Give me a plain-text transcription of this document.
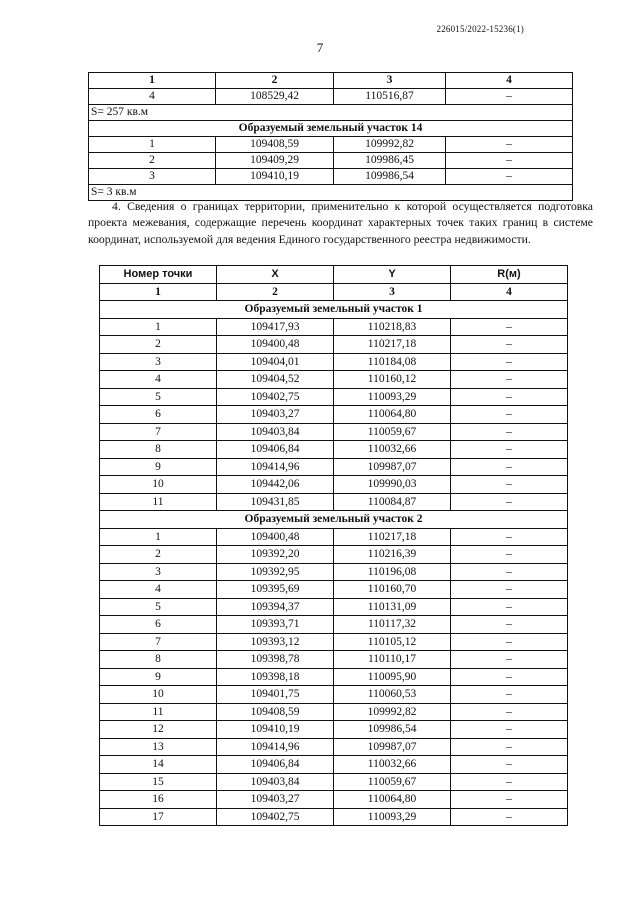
226015/2022-15236(1)
7
1	2	3	4
4	108529,42	110516,87	–
S= 257 кв.м			
Образуемый земельный участок 14			
1	109408,59	109992,82	–
2	109409,29	109986,45	–
3	109410,19	109986,54	–
S= 3 кв.м			

4. Сведения о границах территории, применительно к которой осуществляется подготовка проекта межевания, содержащие перечень координат характерных точек таких границ в системе координат, используемой для ведения Единого государственного реестра недвижимости.

Номер точки	X	Y	R(м)
1	2	3	4
Образуемый земельный участок 1			
1	109417,93	110218,83	–
2	109400,48	110217,18	–
3	109404,01	110184,08	–
4	109404,52	110160,12	–
5	109402,75	110093,29	–
6	109403,27	110064,80	–
7	109403,84	110059,67	–
8	109406,84	110032,66	–
9	109414,96	109987,07	–
10	109442,06	109990,03	–
11	109431,85	110084,87	–
Образуемый земельный участок 2			
1	109400,48	110217,18	–
2	109392,20	110216,39	–
3	109392,95	110196,08	–
4	109395,69	110160,70	–
5	109394,37	110131,09	–
6	109393,71	110117,32	–
7	109393,12	110105,12	–
8	109398,78	110110,17	–
9	109398,18	110095,90	–
10	109401,75	110060,53	–
11	109408,59	109992,82	–
12	109410,19	109986,54	–
13	109414,96	109987,07	–
14	109406,84	110032,66	–
15	109403,84	110059,67	–
16	109403,27	110064,80	–
17	109402,75	110093,29	–
